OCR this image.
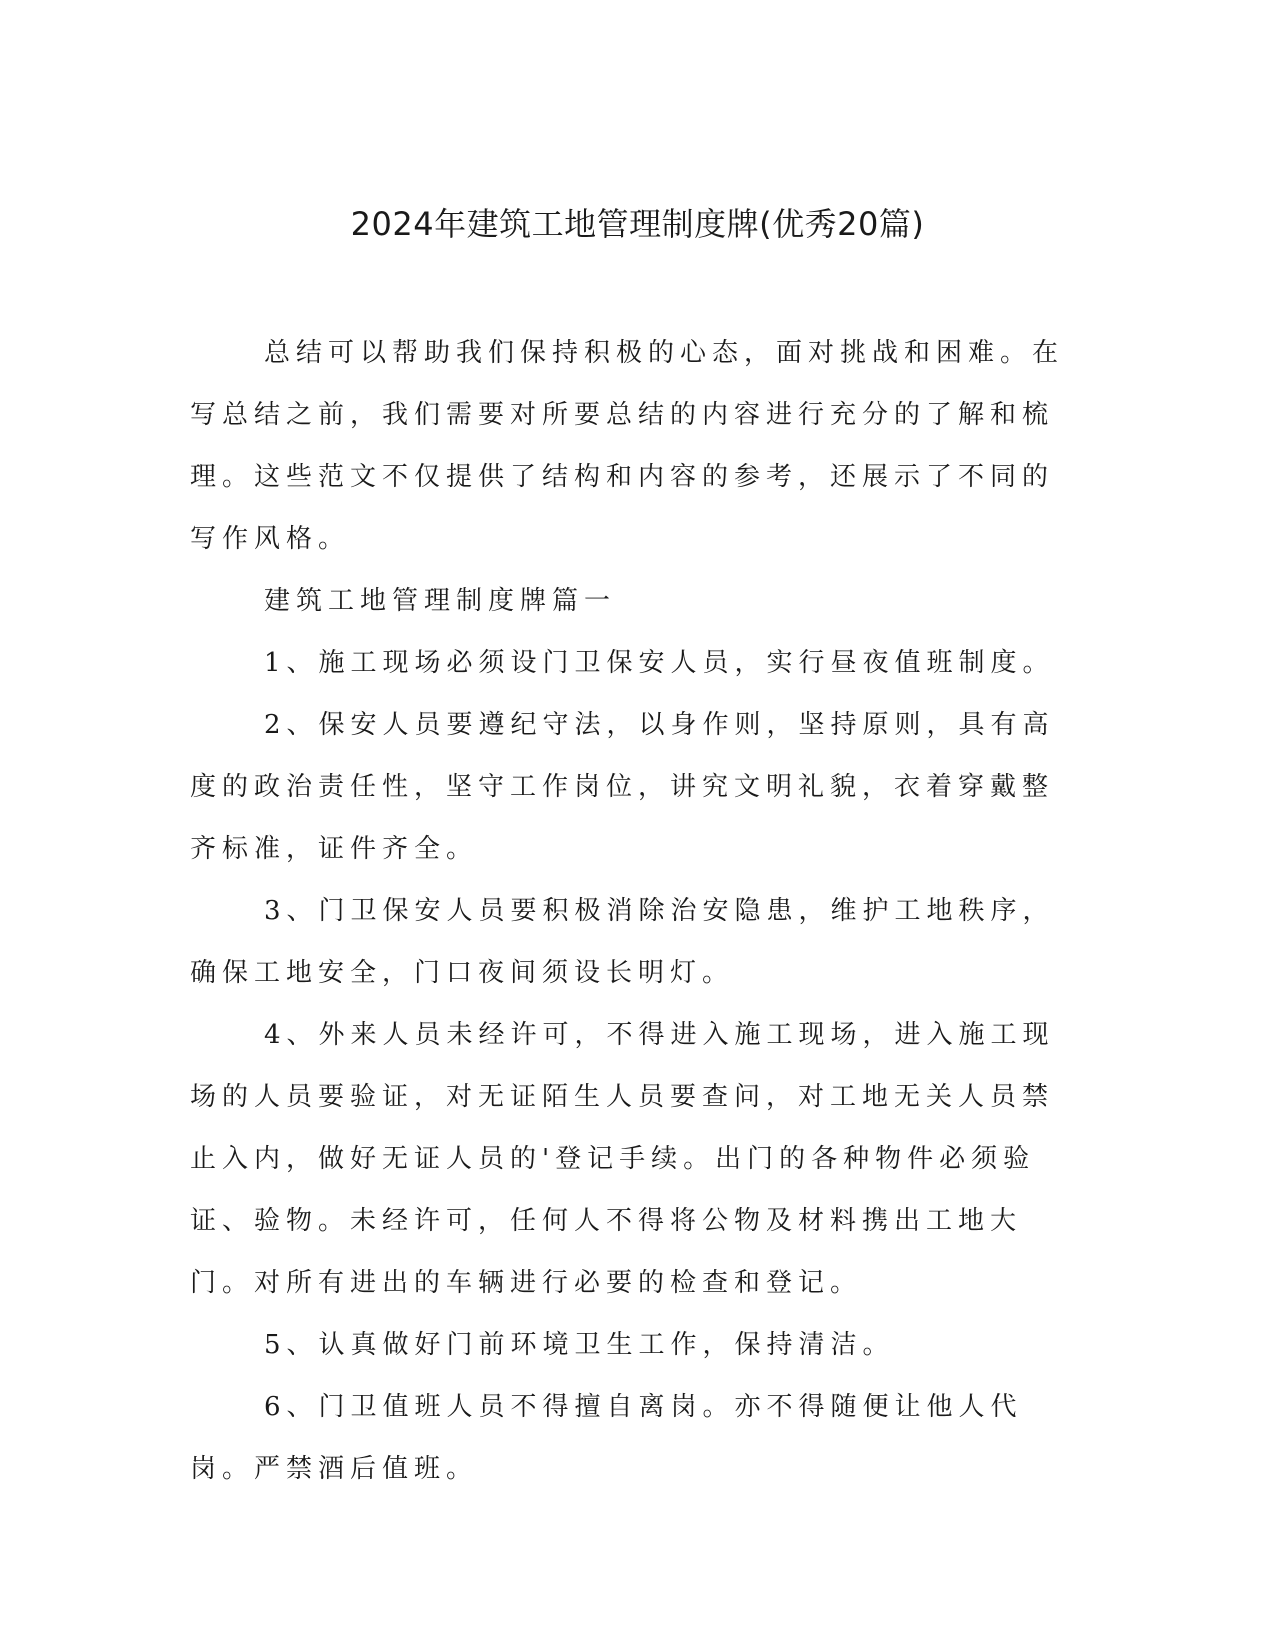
2024年建筑工地管理制度牌(优秀20篇)

总结可以帮助我们保持积极的心态，面对挑战和困难。在写总结之前，我们需要对所要总结的内容进行充分的了解和梳理。这些范文不仅提供了结构和内容的参考，还展示了不同的写作风格。

建筑工地管理制度牌篇一

1、施工现场必须设门卫保安人员，实行昼夜值班制度。

2、保安人员要遵纪守法，以身作则，坚持原则，具有高度的政治责任性，坚守工作岗位，讲究文明礼貌，衣着穿戴整齐标准，证件齐全。

3、门卫保安人员要积极消除治安隐患，维护工地秩序，确保工地安全，门口夜间须设长明灯。

4、外来人员未经许可，不得进入施工现场，进入施工现场的人员要验证，对无证陌生人员要查问，对工地无关人员禁止入内，做好无证人员的'登记手续。出门的各种物件必须验证、验物。未经许可，任何人不得将公物及材料携出工地大门。对所有进出的车辆进行必要的检查和登记。

5、认真做好门前环境卫生工作，保持清洁。

6、门卫值班人员不得擅自离岗。亦不得随便让他人代岗。严禁酒后值班。
